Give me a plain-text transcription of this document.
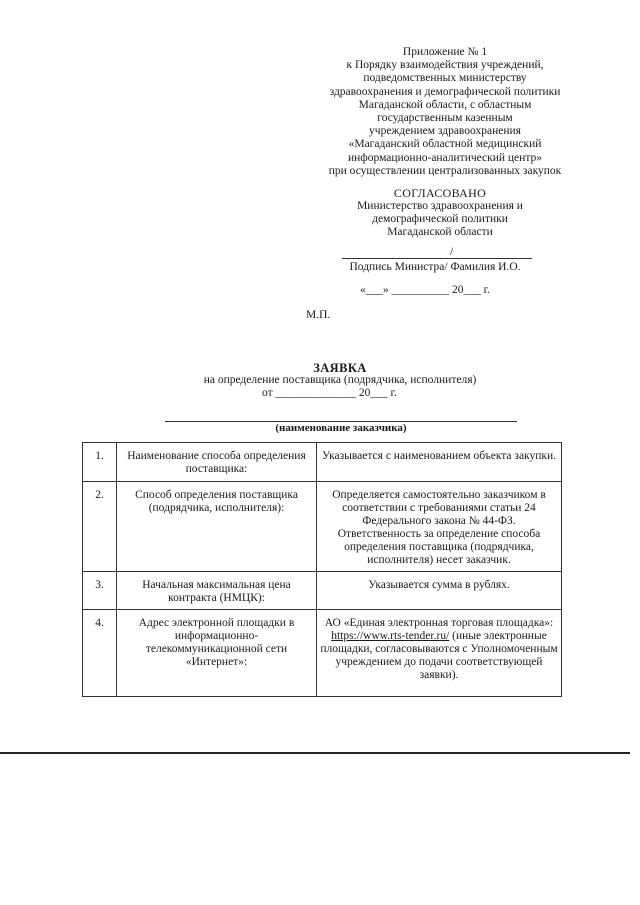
Приложение № 1
к Порядку взаимодействия учреждений,
подведомственных министерству
здравоохранения и демографической политики
Магаданской области, с областным
государственным казенным
учреждением здравоохранения
«Магаданский областной медицинский
информационно-аналитический центр»
при осуществлении централизованных закупок
СОГЛАСОВАНО
Министерство здравоохранения и
демографической политики
Магаданской области
/
Подпись Министра/ Фамилия И.О.
«___» __________ 20___ г.
М.П.
ЗАЯВКА
на определение поставщика (подрядчика, исполнителя)
от ______________ 20___ г.
(наименование заказчика)
1.	Наименование способа определения поставщика:	Указывается с наименованием объекта закупки.
2.	Способ определения поставщика (подрядчика, исполнителя):	Определяется самостоятельно заказчиком в соответствии с требованиями статьи 24 Федерального закона № 44-ФЗ. Ответственность за определение способа определения поставщика (подрядчика, исполнителя) несет заказчик.
3.	Начальная максимальная цена контракта (НМЦК):	Указывается сумма в рублях.
4.	Адрес электронной площадки в информационно-телекоммуникационной сети «Интернет»:	АО «Единая электронная торговая площадка»: https://www.rts-tender.ru/ (иные электронные площадки, согласовываются с Уполномоченным учреждением до подачи соответствующей заявки).
